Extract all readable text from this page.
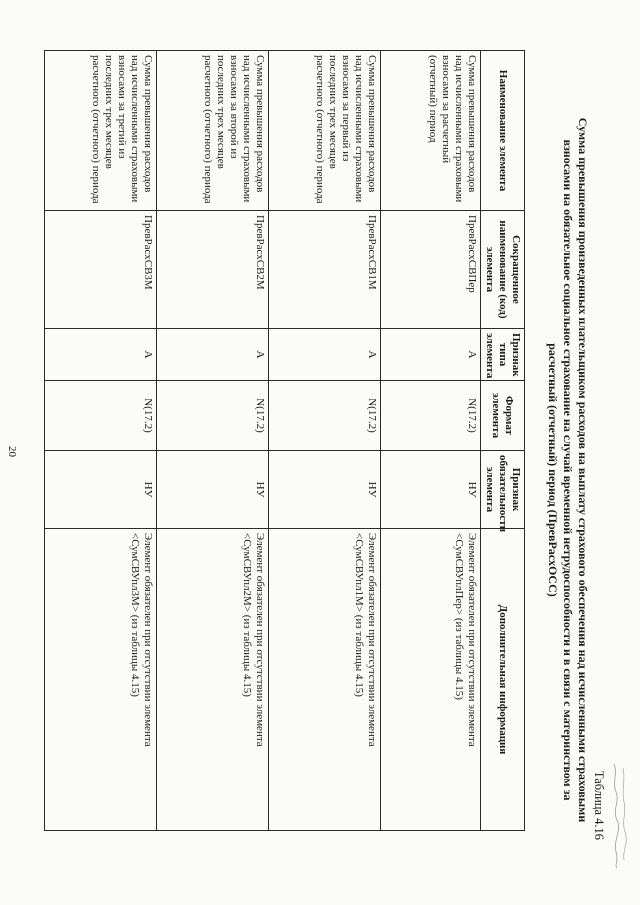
20
Таблица 4.16
Сумма превышения произведенных плательщиком расходов на выплату страхового обеспечения над исчисленными страховыми взносами на обязательное социальное страхование на случай временной нетрудоспособности и в связи с материнством за расчетный (отчетный) период (ПревРасхОСС)
Наименование элемента	Сокращенное наименование (код) элемента	Признак типа элемента	Формат элемента	Признак обязательности элемента	Дополнительная информация
Сумма превышения расходов над исчисленными страховыми взносами за расчетный (отчетный) период	ПревРасхСВПер	А	N(17.2)	НУ	Элемент обязателен при отсутствии элемента <СумСВУплПер> (из таблицы 4.15)
Сумма превышения расходов над исчисленными страховыми взносами за первый из последних трех месяцев расчетного (отчетного) периода	ПревРасхСВ1М	А	N(17.2)	НУ	Элемент обязателен при отсутствии элемента <СумСВУпл1М> (из таблицы 4.15)
Сумма превышения расходов над исчисленными страховыми взносами за второй из последних трех месяцев расчетного (отчетного) периода	ПревРасхСВ2М	А	N(17.2)	НУ	Элемент обязателен при отсутствии элемента <СумСВУпл2М> (из таблицы 4.15)
Сумма превышения расходов над исчисленными страховыми взносами за третий из последних трех месяцев расчетного (отчетного) периода	ПревРасхСВ3М	А	N(17.2)	НУ	Элемент обязателен при отсутствии элемента <СумСВУпл3М> (из таблицы 4.15)
